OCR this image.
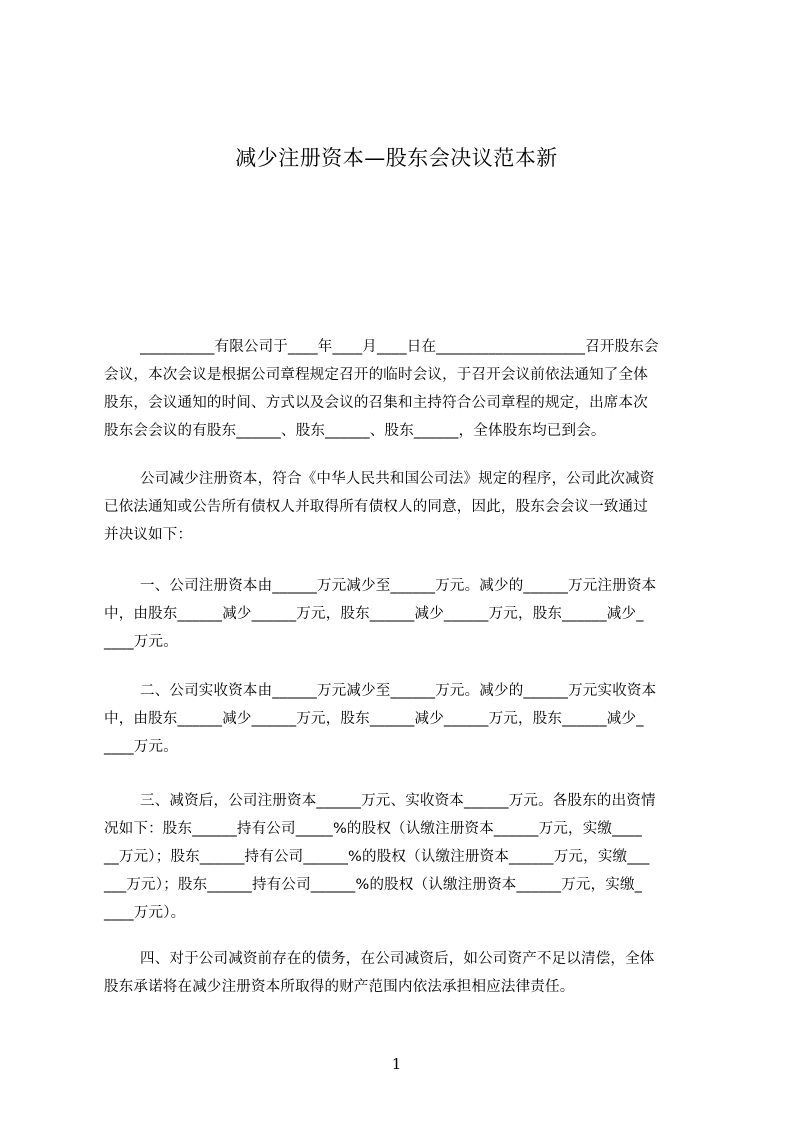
减少注册资本—股东会决议范本新
__________有限公司于____年____月____日在____________________召开股东会
会议，本次会议是根据公司章程规定召开的临时会议，于召开会议前依法通知了全体
股东，会议通知的时间、方式以及会议的召集和主持符合公司章程的规定，出席本次
股东会会议的有股东______、股东______、股东______，全体股东均已到会。
公司减少注册资本，符合《中华人民共和国公司法》规定的程序，公司此次减资
已依法通知或公告所有债权人并取得所有债权人的同意，因此，股东会会议一致通过
并决议如下：
一、公司注册资本由______万元减少至______万元。减少的______万元注册资本
中，由股东______减少______万元，股东______减少______万元，股东______减少_
____万元。
二、公司实收资本由______万元减少至______万元。减少的______万元实收资本
中，由股东______减少______万元，股东______减少______万元，股东______减少_
____万元。
三、减资后，公司注册资本______万元、实收资本______万元。各股东的出资情
况如下：股东______持有公司_____%的股权（认缴注册资本______万元，实缴____
__万元）；股东______持有公司______%的股权（认缴注册资本______万元，实缴___
___万元）；股东______持有公司______%的股权（认缴注册资本______万元，实缴_
____万元）。
四、对于公司减资前存在的债务，在公司减资后，如公司资产不足以清偿，全体
股东承诺将在减少注册资本所取得的财产范围内依法承担相应法律责任。
1
